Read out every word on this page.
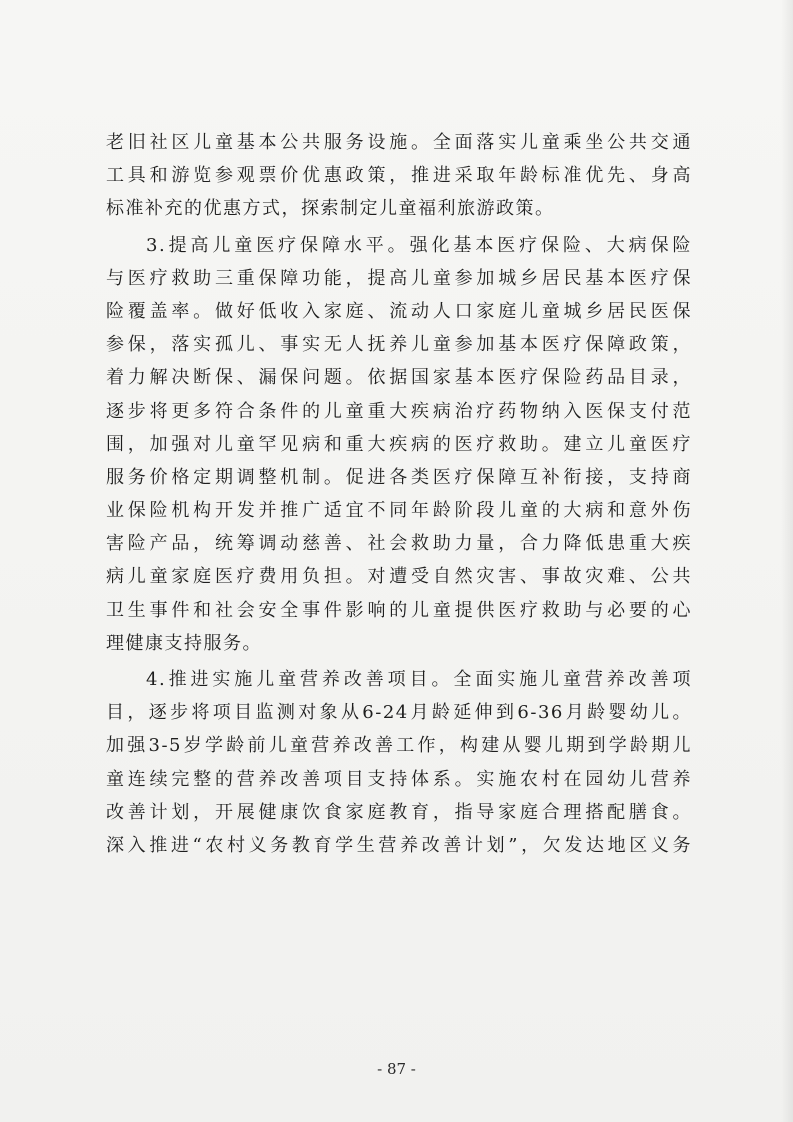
老旧社区儿童基本公共服务设施。全面落实儿童乘坐公共交通
工具和游览参观票价优惠政策，推进采取年龄标准优先、身高
标准补充的优惠方式，探索制定儿童福利旅游政策。
3.提高儿童医疗保障水平。强化基本医疗保险、大病保险
与医疗救助三重保障功能，提高儿童参加城乡居民基本医疗保
险覆盖率。做好低收入家庭、流动人口家庭儿童城乡居民医保
参保，落实孤儿、事实无人抚养儿童参加基本医疗保障政策，
着力解决断保、漏保问题。依据国家基本医疗保险药品目录，
逐步将更多符合条件的儿童重大疾病治疗药物纳入医保支付范
围，加强对儿童罕见病和重大疾病的医疗救助。建立儿童医疗
服务价格定期调整机制。促进各类医疗保障互补衔接，支持商
业保险机构开发并推广适宜不同年龄阶段儿童的大病和意外伤
害险产品，统筹调动慈善、社会救助力量，合力降低患重大疾
病儿童家庭医疗费用负担。对遭受自然灾害、事故灾难、公共
卫生事件和社会安全事件影响的儿童提供医疗救助与必要的心
理健康支持服务。
4.推进实施儿童营养改善项目。全面实施儿童营养改善项
目，逐步将项目监测对象从6-24月龄延伸到6-36月龄婴幼儿。
加强3-5岁学龄前儿童营养改善工作，构建从婴儿期到学龄期儿
童连续完整的营养改善项目支持体系。实施农村在园幼儿营养
改善计划，开展健康饮食家庭教育，指导家庭合理搭配膳食。
深入推进“农村义务教育学生营养改善计划”，欠发达地区义务
- 87 -
